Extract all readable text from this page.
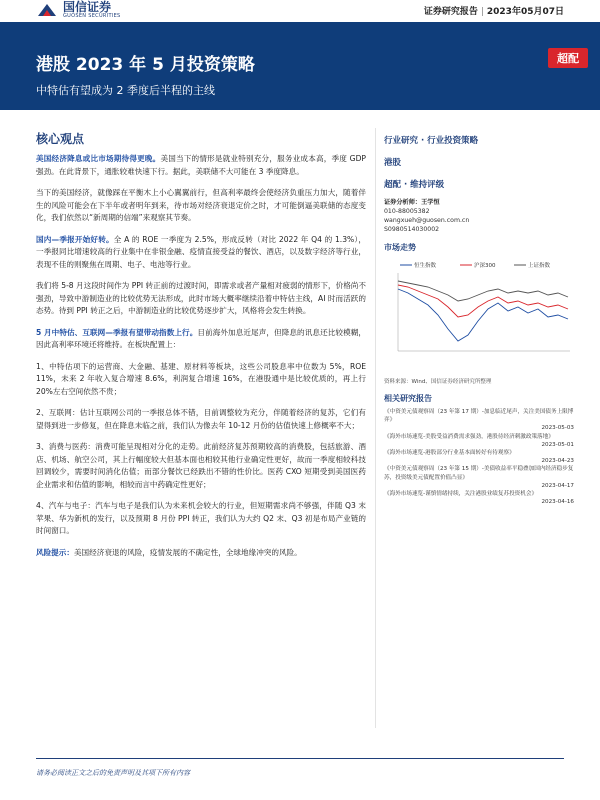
国信证券
GUOSEN SECURITIES	证券研究报告 | 2023年05月07日
港股 2023 年 5 月投资策略
中特估有望成为 2 季度后半程的主线
超配
核心观点

美国经济降息或比市场期待得更晚。美国当下的情形是就业特别充分，服务业成本高，季度 GDP 强劲。在此背景下，通胀较难快速下行。据此，美联储不大可能在 3 季度降息。

当下的美国经济，就像踩在平衡木上小心翼翼前行，但高利率最终会使经济负重压力加大，随着伴生的风险可能会在下半年或者明年到来，待市场对经济衰退定价之时，才可能倒逼美联储的态度变化，我们依然以“新周期的信端”来观察其节奏。

国内—季报开始好转。全 A 的 ROE 一季度为 2.5%，形成反转（对比 2022 年 Q4 的 1.3%），一季报同比增速较高的行业集中在非银金融、疫情直接受益的餐饮、酒店，以及数字经济等行业，表现不佳的则聚焦在周期、电子、电池等行业。

我们将 5-8 月这段时间作为 PPI 转正前的过渡时间，即需求或者产量相对疲弱的情形下，价格尚不强劲，导致中游制造业的比较优势无法形成，此时市场大概率继续沿着中特估主线，AI 时而活跃的态势。待到 PPI 转正之后，中游制造业的比较优势逐步扩大，风格将会发生转换。

5 月中特估、互联网—季报有望带动指数上行。目前海外加息近尾声，但降息的讯息还比较模糊，因此高利率环境还将维持。在板块配置上：

1、中特估项下的运营商、大金融、基建、原材料等板块，这些公司股息率中位数为 5%，ROE 11%，未来 2 年收入复合增速 8.6%，利润复合增速 16%，在港股通中是比较优质的，再上行 20%左右空间依然不贵；

2、互联网：估计互联网公司的一季报总体不错，目前调整较为充分，伴随着经济的复苏，它们有望得到进一步修复，但在降息未临之前，我们认为像去年 10-12 月份的估值快速上修概率不大；

3、消费与医药：消费可能呈现相对分化的走势。此前经济复苏预期较高的消费股，包括旅游、酒店、机场、航空公司，其上行幅度较大但基本面也相较其他行业确定性更好，故而一季度相较科技回调较少，需要时间消化估值；而部分餐饮已经跌出不错的性价比。医药 CXO 短期受到美国医药企业需求和估值的影响，相较而言中药确定性更好；

4、汽车与电子：汽车与电子是我们认为未来机会较大的行业，但短期需求尚不够强，伴随 Q3 末苹果、华为新机的发行，以及预期 8 月份 PPI 转正，我们认为大约 Q2 末、Q3 初是布局产业链的时间窗口。

风险提示：美国经济衰退的风险，疫情发展的不确定性，全球地缘冲突的风险。

行业研究 · 行业投资策略
港股
超配 · 维持评级
证券分析师：王学恒
010-88005382
wangxueh@guosen.com.cn
S0980514030002
市场走势
恒生指数	沪深300	上证指数
资料来源：Wind、国信证券经济研究所整理
相关研究报告
《中资美元债观察周（23 年第 17 期）-加息临近尾声，关注美国债务上限博弈》
2023-05-03
《海外市场速览-美股受益消费需求强劲，港股待经济刺激政策落地》
2023-05-01
《海外市场速览-港股部分行业基本面转好有待观察》
2023-04-23
《中资美元债观察周（23 年第 15 期）-美债收益率平稳叠加国内经济稳步复苏，投资级美元债配置价值凸显》
2023-04-17
《海外市场速览-谨慎情绪持续，关注港股业绩复苏投资机会》
2023-04-16
请务必阅读正文之后的免责声明及其项下所有内容
